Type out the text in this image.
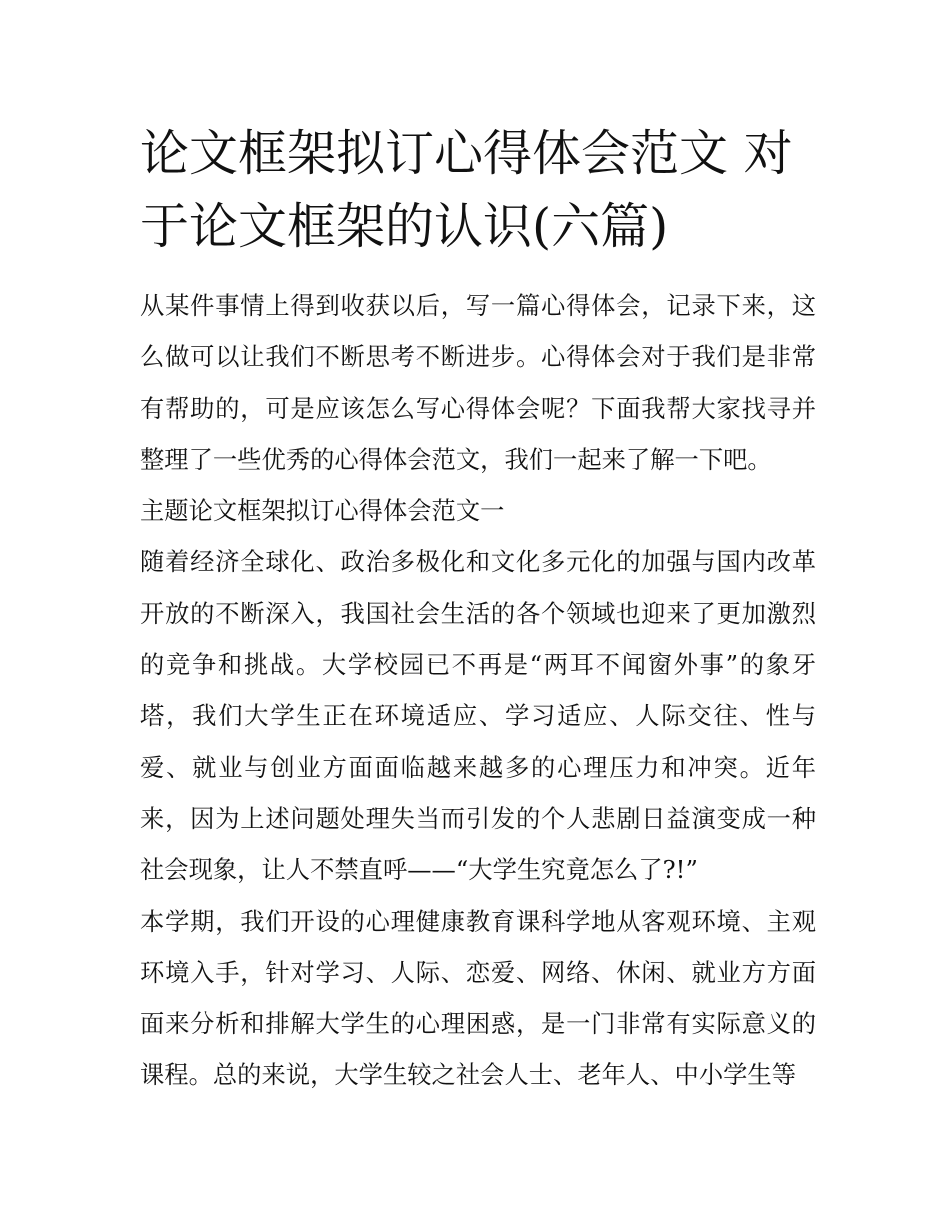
论文框架拟订心得体会范文 对于论文框架的认识(六篇)

从某件事情上得到收获以后，写一篇心得体会，记录下来，这么做可以让我们不断思考不断进步。心得体会对于我们是非常有帮助的，可是应该怎么写心得体会呢？下面我帮大家找寻并整理了一些优秀的心得体会范文，我们一起来了解一下吧。

主题论文框架拟订心得体会范文一

随着经济全球化、政治多极化和文化多元化的加强与国内改革开放的不断深入，我国社会生活的各个领域也迎来了更加激烈的竞争和挑战。大学校园已不再是“两耳不闻窗外事”的象牙塔，我们大学生正在环境适应、学习适应、人际交往、性与爱、就业与创业方面面临越来越多的心理压力和冲突。近年来，因为上述问题处理失当而引发的个人悲剧日益演变成一种社会现象，让人不禁直呼——“大学生究竟怎么了?!”

本学期，我们开设的心理健康教育课科学地从客观环境、主观环境入手，针对学习、人际、恋爱、网络、休闲、就业方方面面来分析和排解大学生的心理困惑，是一门非常有实际意义的课程。总的来说，大学生较之社会人士、老年人、中小学生等
